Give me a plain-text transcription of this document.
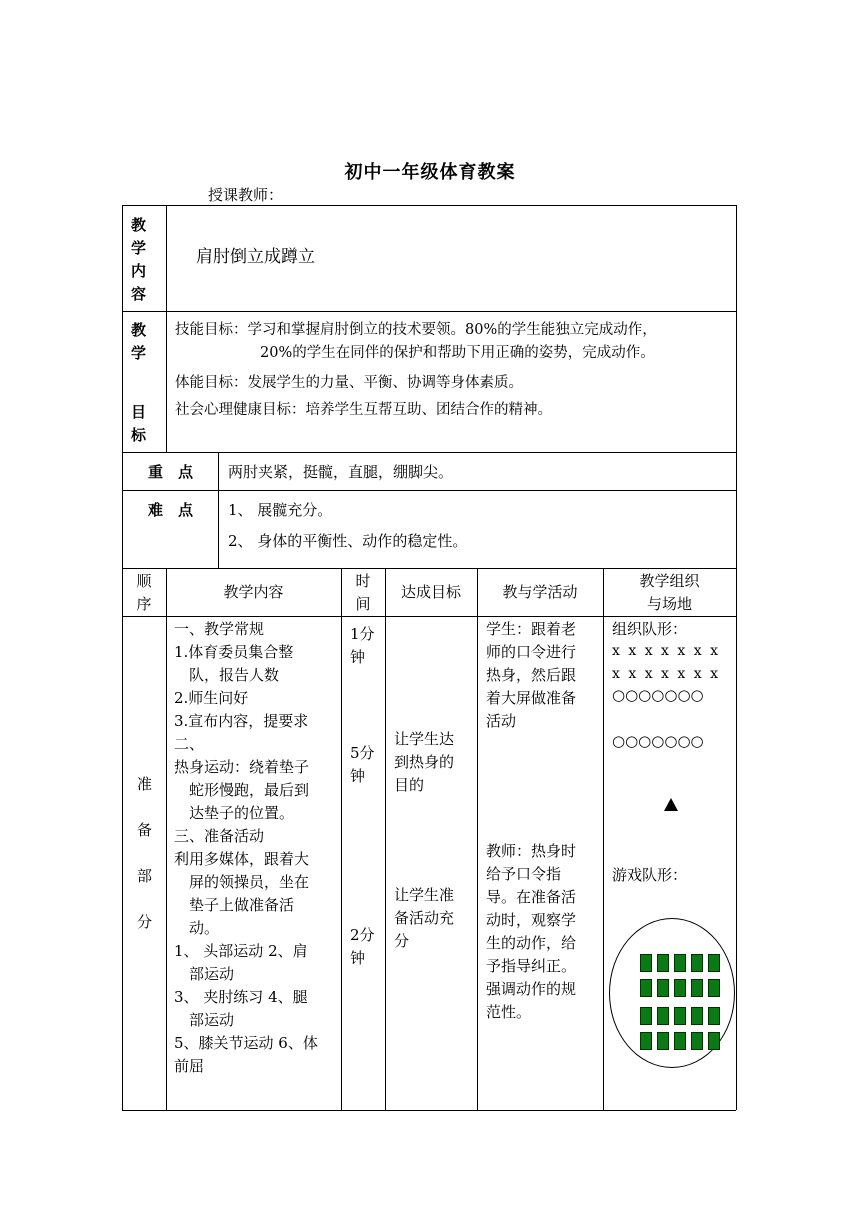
初中一年级体育教案
授课教师：
教
学
内
容
肩肘倒立成蹲立
教
学
目
标
技能目标：学习和掌握肩肘倒立的技术要领。80%的学生能独立完成动作，
20%的学生在同伴的保护和帮助下用正确的姿势，完成动作。
体能目标：发展学生的力量、平衡、协调等身体素质。
社会心理健康目标：培养学生互帮互助、团结合作的精神。
重　点 两肘夹紧，挺髋，直腿，绷脚尖。
难　点 1、 展髋充分。
2、 身体的平衡性、动作的稳定性。
顺
序
教学内容
时
间
达成目标	教与学活动
教学组织
与场地
准
备
部
分
一、教学常规
1.体育委员集合整
　队，报告人数
2.师生问好
3.宣布内容，提要求
二、
热身运动：绕着垫子
　蛇形慢跑，最后到
　达垫子的位置。
三、准备活动
利用多媒体，跟着大
　屏的领操员，坐在
　垫子上做准备活
　动。
1、 头部运动 2、肩
　部运动
3、 夹肘练习 4、腿
　部运动
5、膝关节运动 6、体
前屈
1分
钟
5分
钟
2分
钟
让学生达
到热身的
目的
让学生准
备活动充
分
学生：跟着老
师的口令进行
热身，然后跟
着大屏做准备
活动
教师：热身时
给予口令指
导。在准备活
动时，观察学
生的动作，给
予指导纠正。
强调动作的规
范性。
组织队形：
x x x x x x x
x x x x x x x
○○○○○○○
○○○○○○○
游戏队形：
